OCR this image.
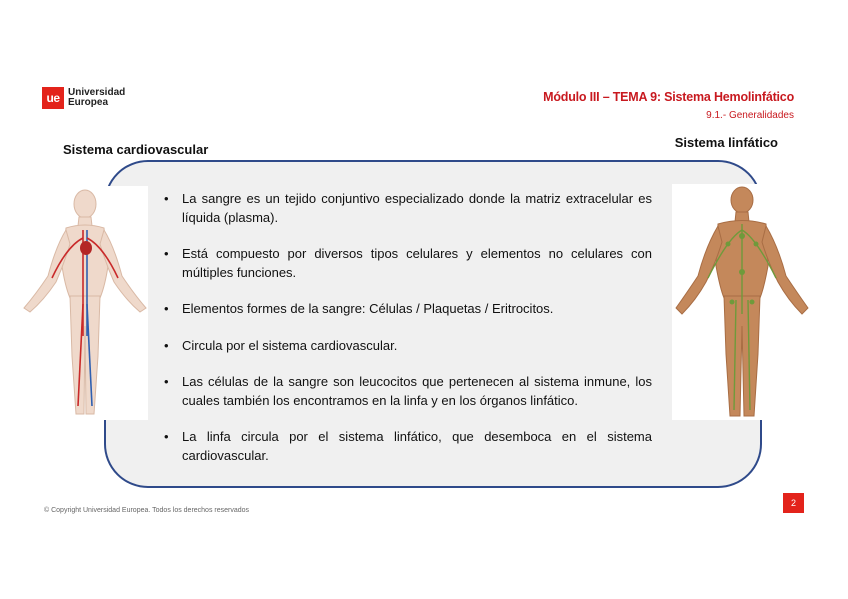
ue Universidad
Europea	Módulo III – TEMA 9: Sistema Hemolinfático
9.1.- Generalidades
Sistema cardiovascular	Sistema linfático
• La sangre es un tejido conjuntivo especializado donde la matriz extracelular es líquida (plasma).
• Está compuesto por diversos tipos celulares y elementos no celulares con múltiples funciones.
• Elementos formes de la sangre: Células / Plaquetas / Eritrocitos.
• Circula por el sistema cardiovascular.
• Las células de la sangre son leucocitos que pertenecen al sistema inmune, los cuales también los encontramos en la linfa y en los órganos linfático.
• La linfa circula por el sistema linfático, que desemboca en el sistema cardiovascular.
© Copyright Universidad Europea. Todos los derechos reservados
2
